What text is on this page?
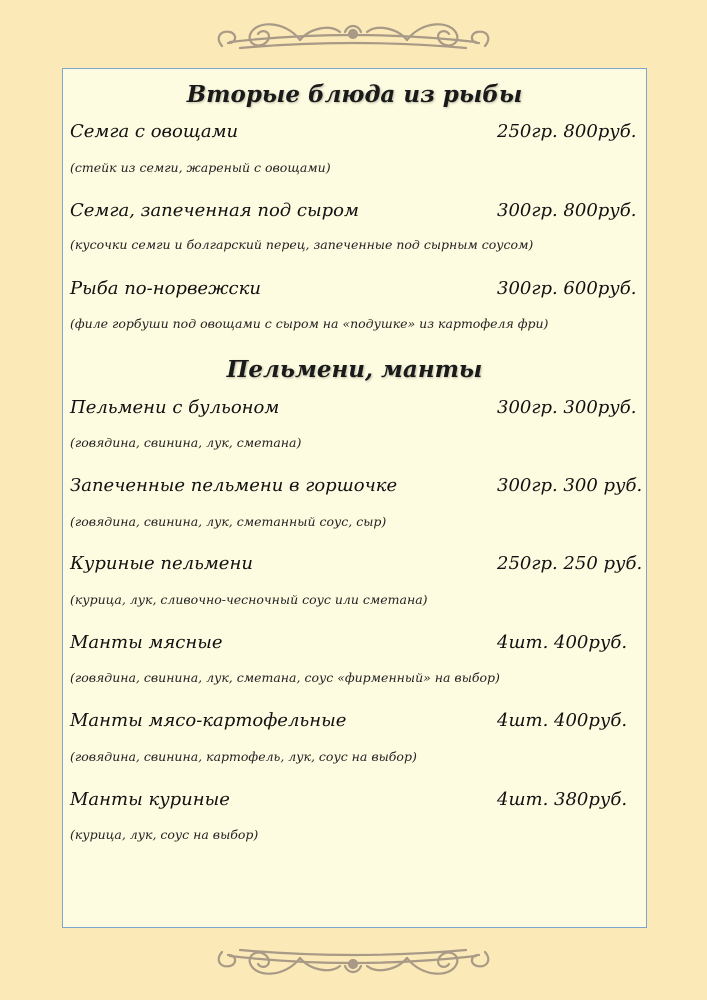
Вторые блюда из рыбы
Семга с овощами	250гр. 800руб.
(стейк из семги, жареный с овощами)
Семга, запеченная под сыром	300гр. 800руб.
(кусочки семги и болгарский перец, запеченные под сырным соусом)
Рыба по-норвежски	300гр. 600руб.
(филе горбуши под овощами с сыром на «подушке» из картофеля фри)
Пельмени, манты
Пельмени с бульоном	300гр. 300руб.
(говядина, свинина, лук, сметана)
Запеченные пельмени в горшочке	300гр. 300 руб.
(говядина, свинина, лук, сметанный соус, сыр)
Куриные пельмени	250гр. 250 руб.
(курица, лук, сливочно-чесночный соус или сметана)
Манты мясные	4шт. 400руб.
(говядина, свинина, лук, сметана, соус «фирменный» на выбор)
Манты мясо-картофельные	4шт. 400руб.
(говядина, свинина, картофель, лук, соус на выбор)
Манты куриные	4шт. 380руб.
(курица, лук, соус на выбор)
